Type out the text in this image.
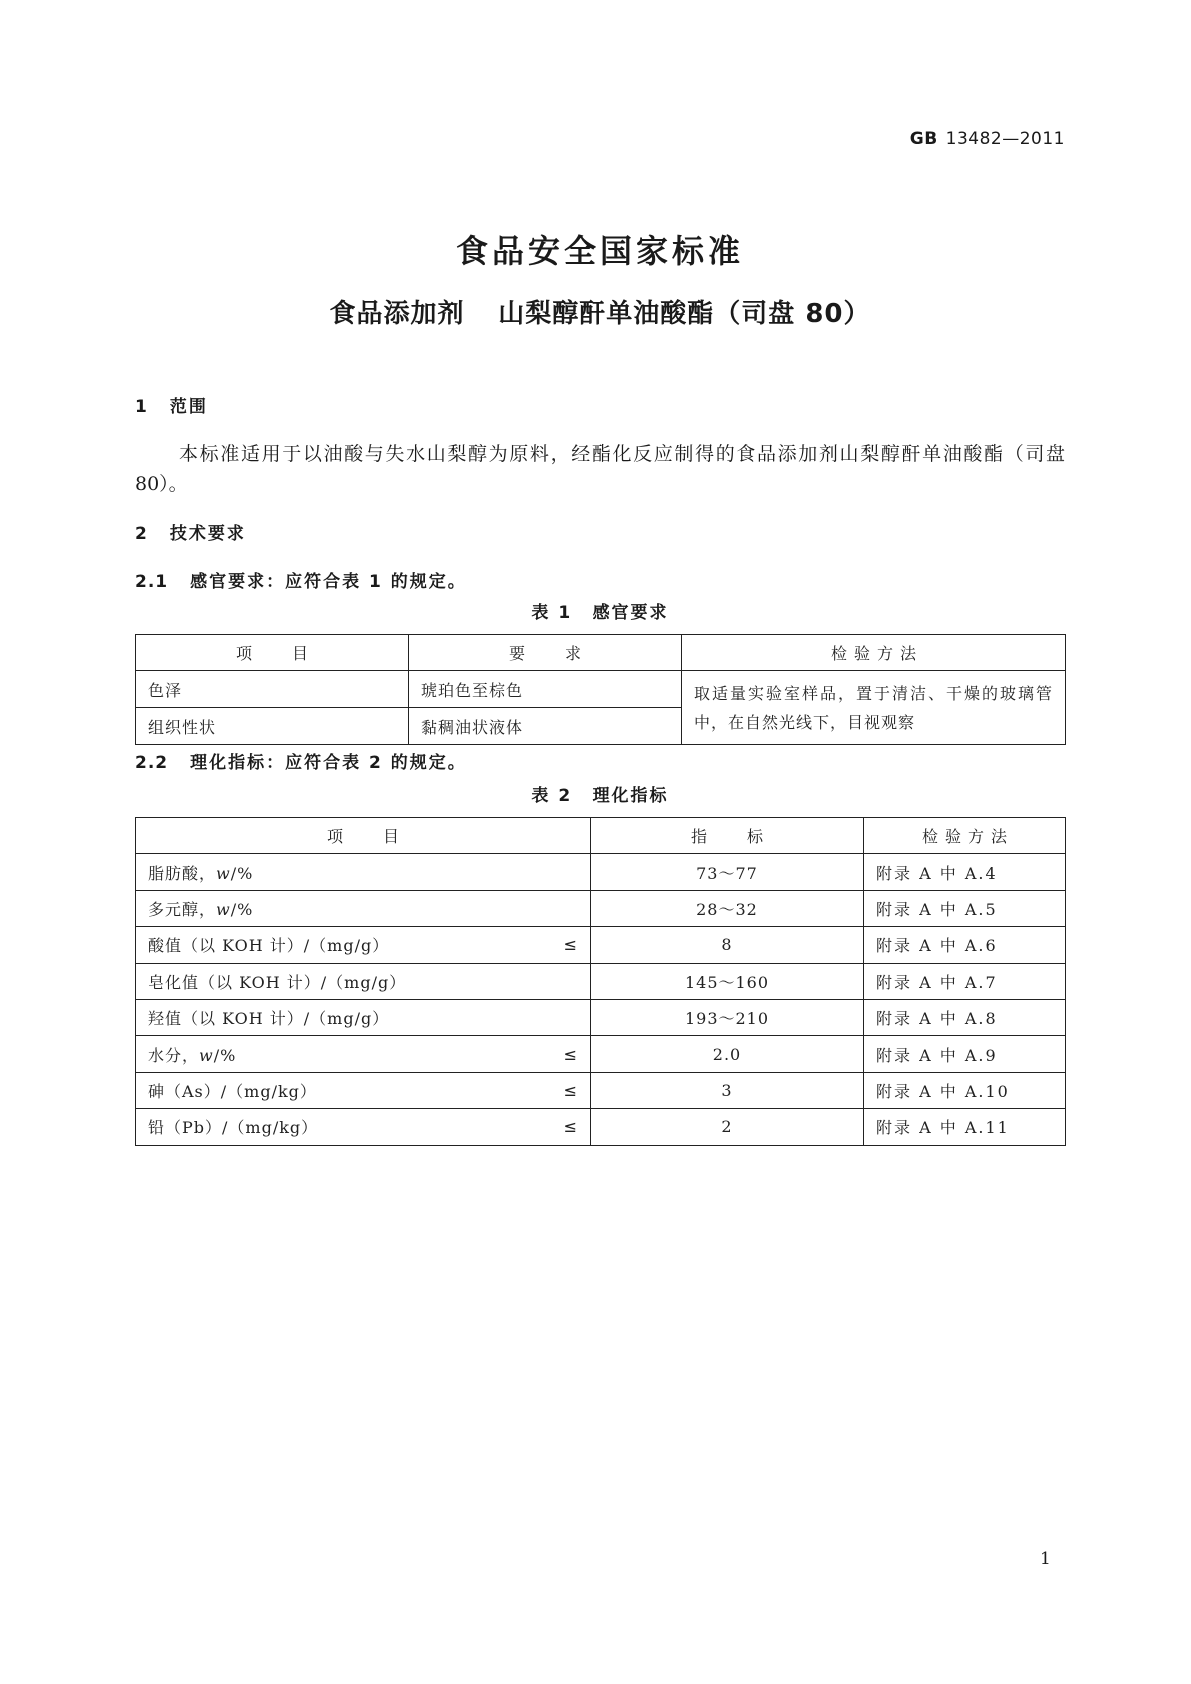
GB 13482—2011
食品安全国家标准
食品添加剂 山梨醇酐单油酸酯（司盘 80）
1 范围
本标准适用于以油酸与失水山梨醇为原料，经酯化反应制得的食品添加剂山梨醇酐单油酸酯（司盘
80）。
2 技术要求
2.1 感官要求：应符合表 1 的规定。
表 1 感官要求
项　目	要　求	检验方法
色泽	琥珀色至棕色	取适量实验室样品，置于清洁、干燥的玻璃管
中，在自然光线下，目视观察

组织性状	黏稠油状液体	
2.2 理化指标：应符合表 2 的规定。
表 2 理化指标
项　目	指　标	检验方法

脂肪酸，w/%	73～77	附录 A 中 A.4

多元醇，w/%	28～32	附录 A 中 A.5

酸值（以 KOH 计）/（mg/g） ≤	8	附录 A 中 A.6

皂化值（以 KOH 计）/（mg/g）	145～160	附录 A 中 A.7

羟值（以 KOH 计）/（mg/g）	193～210	附录 A 中 A.8

水分，w/% ≤	2.0	附录 A 中 A.9

砷（As）/（mg/kg） ≤	3	附录 A 中 A.10

铅（Pb）/（mg/kg） ≤	2	附录 A 中 A.11
1
